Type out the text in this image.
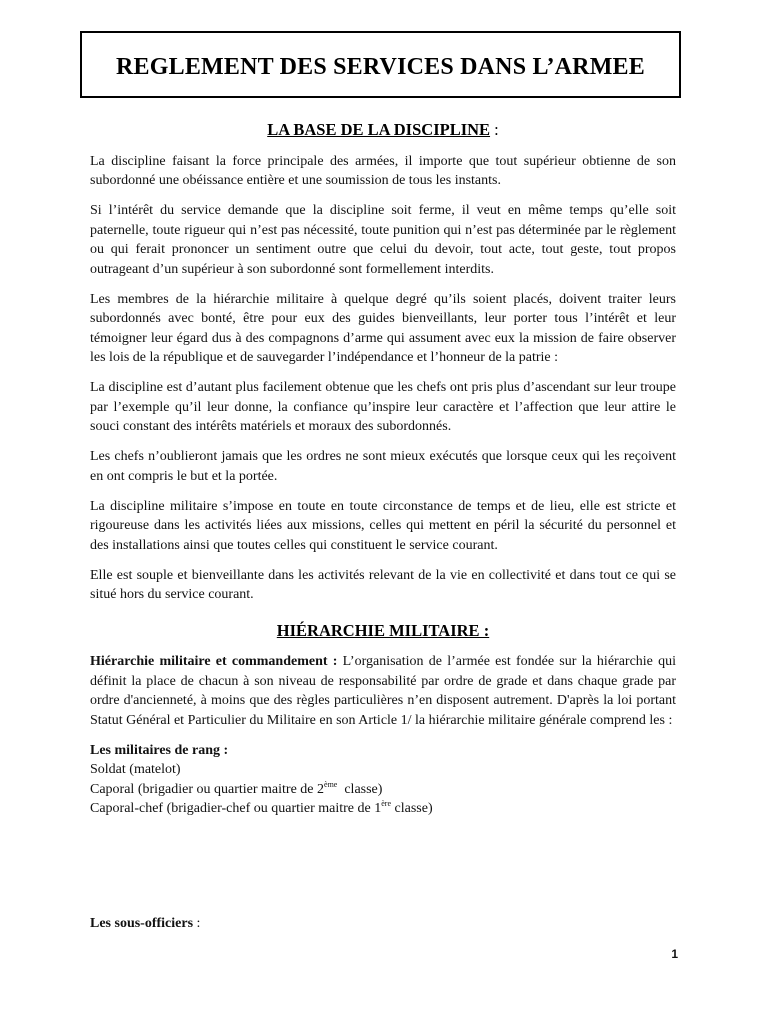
REGLEMENT DES SERVICES DANS L’ARMEE
LA BASE DE LA DISCIPLINE :

La discipline faisant la force principale des armées, il importe que tout supérieur obtienne de son subordonné une obéissance entière et une soumission de tous les instants.

Si l’intérêt du service demande que la discipline soit ferme, il veut en même temps qu’elle soit paternelle, toute rigueur qui n’est pas nécessité, toute punition qui n’est pas déterminée par le règlement ou qui ferait prononcer un sentiment outre que celui du devoir, tout acte, tout geste, tout propos outrageant d’un supérieur à son subordonné sont formellement interdits.

Les membres de la hiérarchie militaire à quelque degré qu’ils soient placés, doivent traiter leurs subordonnés avec bonté, être pour eux des guides bienveillants, leur porter tous l’intérêt et leur témoigner leur égard dus à des compagnons d’arme qui assument avec eux la mission de faire observer les lois de la république et de sauvegarder l’indépendance et l’honneur de la patrie :

La discipline est d’autant plus facilement obtenue que les chefs ont pris plus d’ascendant sur leur troupe par l’exemple qu’il leur donne, la confiance qu’inspire leur caractère et l’affection que leur attire le souci constant des intérêts matériels et moraux des subordonnés.

Les chefs n’oublieront jamais que les ordres ne sont mieux exécutés que lorsque ceux qui les reçoivent en ont compris le but et la portée.

La discipline militaire s’impose en toute en toute circonstance de temps et de lieu, elle est stricte et rigoureuse dans les activités liées aux missions, celles qui mettent en péril la sécurité du personnel et des installations ainsi que toutes celles qui constituent le service courant.

Elle est souple et bienveillante dans les activités relevant de la vie en collectivité et dans tout ce qui se situé hors du service courant.

HIÉRARCHIE MILITAIRE :

Hiérarchie militaire et commandement : L’organisation de l’armée est fondée sur la hiérarchie qui définit la place de chacun à son niveau de responsabilité par ordre de grade et dans chaque grade par ordre d'ancienneté, à moins que des règles particulières n’en disposent autrement. D'après la loi portant Statut Général et Particulier du Militaire en son Article 1/ la hiérarchie militaire générale comprend les :

Les militaires de rang :
Soldat (matelot)
Caporal (brigadier ou quartier maitre de 2ème  classe)
Caporal-chef (brigadier-chef ou quartier maitre de 1ère classe)
Les sous-officiers :
1
